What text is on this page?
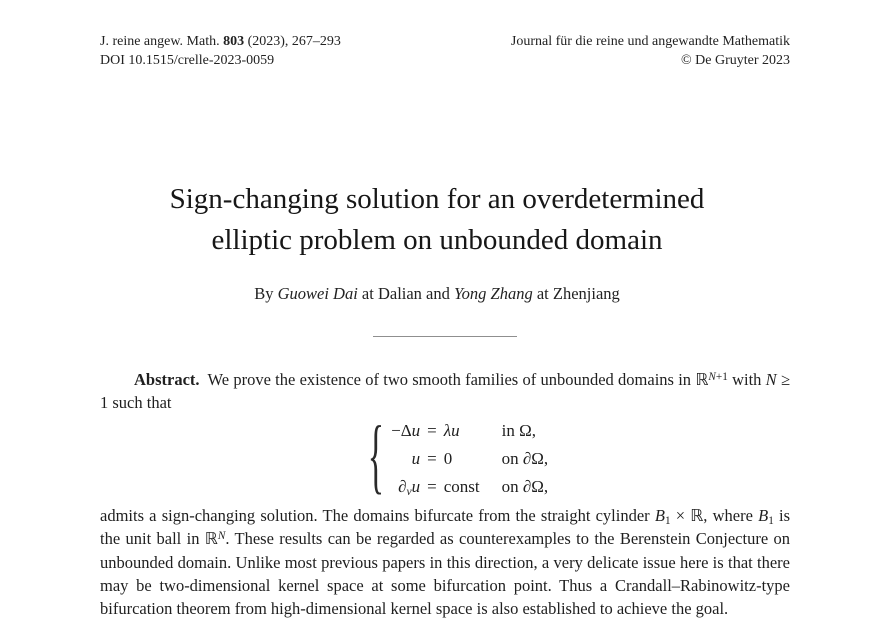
J. reine angew. Math. 803 (2023), 267–293
DOI 10.1515/crelle-2023-0059
Journal für die reine und angewandte Mathematik
© De Gruyter 2023
Sign-changing solution for an overdetermined
elliptic problem on unbounded domain
By Guowei Dai at Dalian and Yong Zhang at Zhenjiang

Abstract. We prove the existence of two smooth families of unbounded domains in ℝ$^{N+1}$ with N ≥ 1 such that

{ −Δu = λu	in Ω,
u = 0	on ∂Ω,
∂νu = const	on ∂Ω,

admits a sign-changing solution. The domains bifurcate from the straight cylinder B1 × ℝ, where B1 is the unit ball in ℝ$^N$. These results can be regarded as counterexamples to the Berenstein Conjecture on unbounded domain. Unlike most previous papers in this direction, a very delicate issue here is that there may be two-dimensional kernel space at some bifurcation point. Thus a Crandall–Rabinowitz-type bifurcation theorem from high-dimensional kernel space is also established to achieve the goal.
